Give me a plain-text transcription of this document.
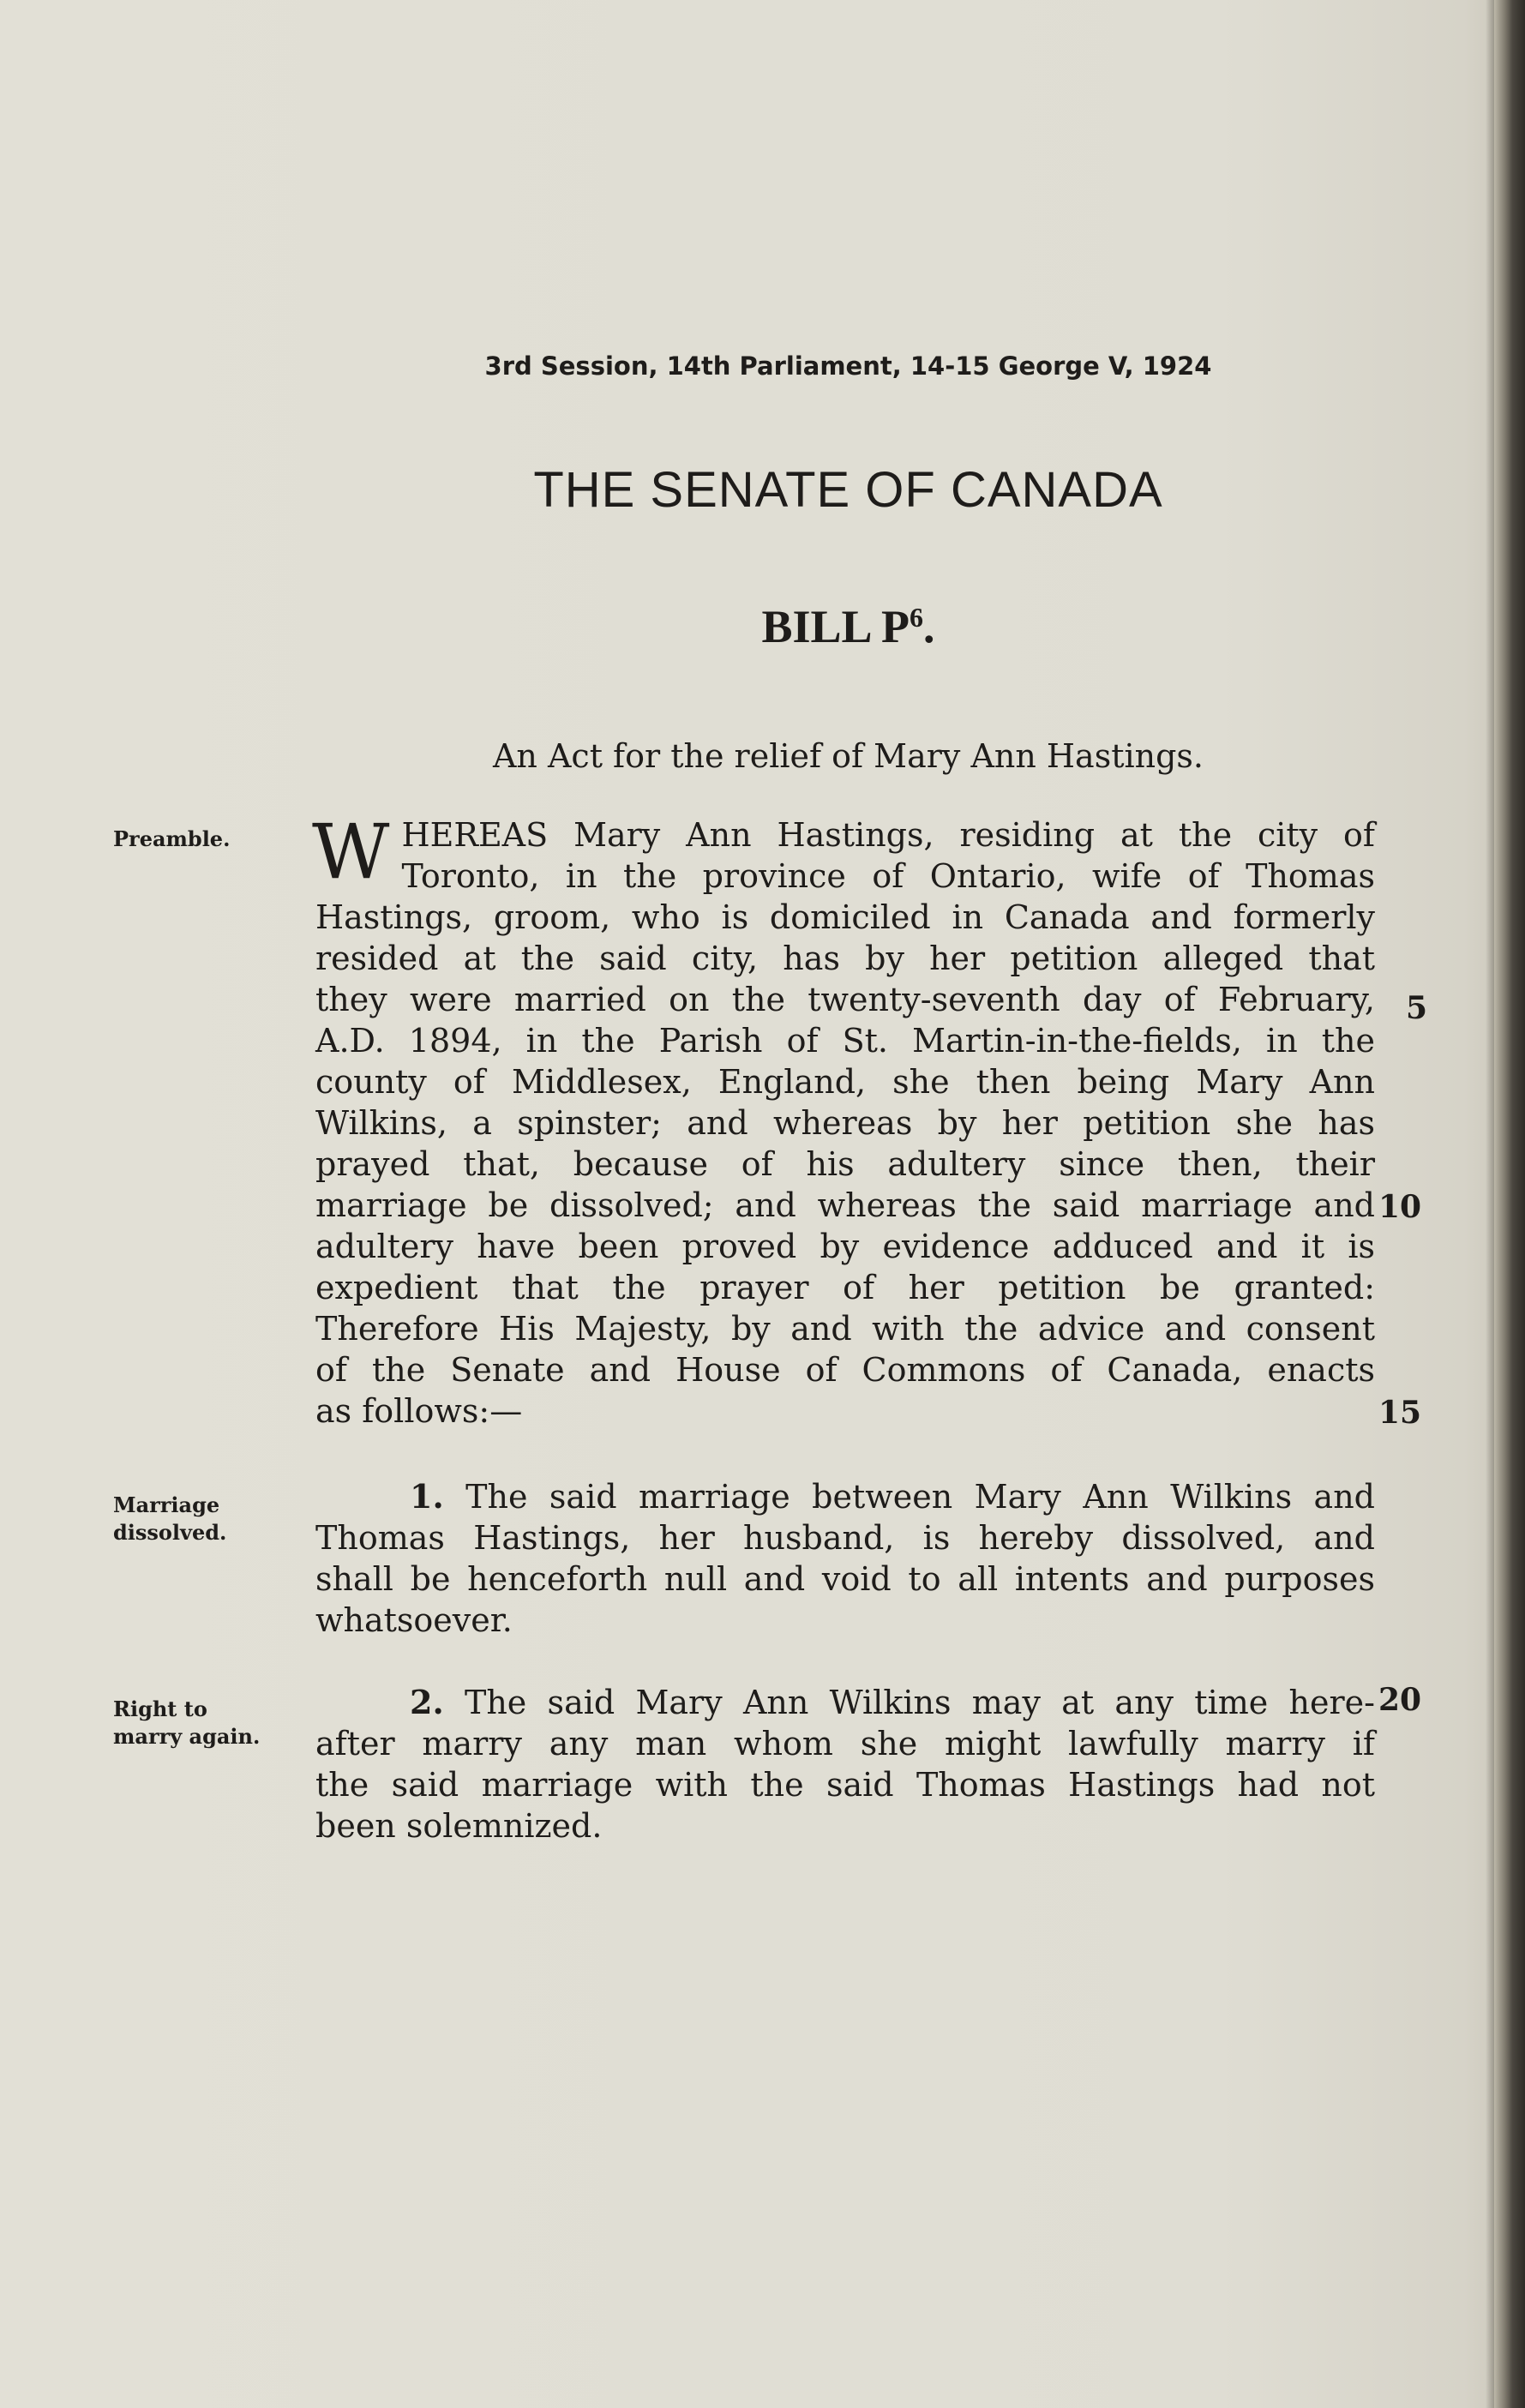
3rd Session, 14th Parliament, 14-15 George V, 1924
THE SENATE OF CANADA
BILL $P^6$.
An Act for the relief of Mary Ann Hastings.
Preamble.
Marriage
dissolved.
Right to
marry again.
W HEREAS Mary Ann Hastings, residing at the city of
Toronto, in the province of Ontario, wife of Thomas
Hastings, groom, who is domiciled in Canada and formerly
resided at the said city, has by her petition alleged that
they were married on the twenty-seventh day of February,
A.D. 1894, in the Parish of St. Martin-in-the-fields, in the
county of Middlesex, England, she then being Mary Ann
Wilkins, a spinster; and whereas by her petition she has
prayed that, because of his adultery since then, their
marriage be dissolved; and whereas the said marriage and
adultery have been proved by evidence adduced and it is
expedient that the prayer of her petition be granted:
Therefore His Majesty, by and with the advice and consent
of the Senate and House of Commons of Canada, enacts
as follows:—
1. The said marriage between Mary Ann Wilkins and
Thomas Hastings, her husband, is hereby dissolved, and
shall be henceforth null and void to all intents and purposes
whatsoever.
2. The said Mary Ann Wilkins may at any time here-
after marry any man whom she might lawfully marry if
the said marriage with the said Thomas Hastings had not
been solemnized.
5
10
15
20
